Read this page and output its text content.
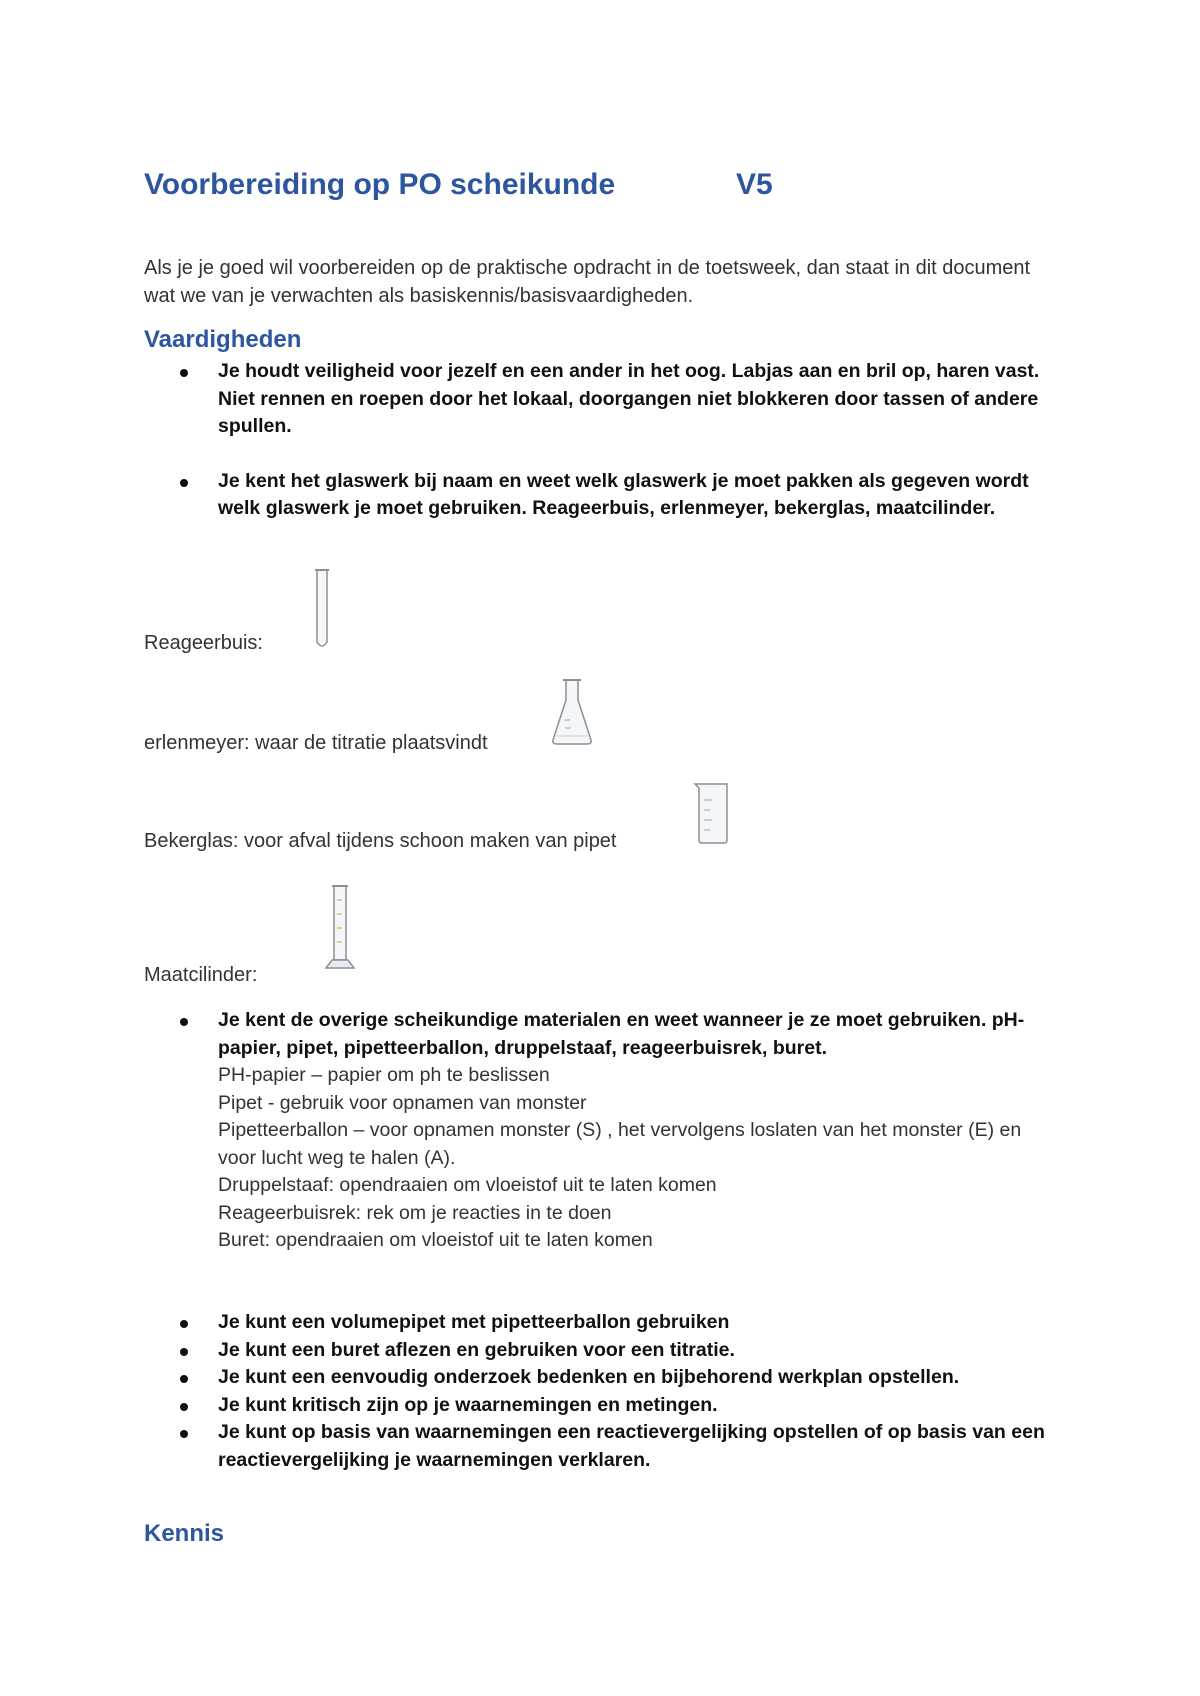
Voorbereiding op PO scheikunde	V5

Als je je goed wil voorbereiden op de praktische opdracht in de toetsweek, dan staat in dit document wat we van je verwachten als basiskennis/basisvaardigheden.

Vaardigheden
Je houdt veiligheid voor jezelf en een ander in het oog. Labjas aan en bril op, haren vast. Niet rennen en roepen door het lokaal, doorgangen niet blokkeren door tassen of andere spullen.
Je kent het glaswerk bij naam en weet welk glaswerk je moet pakken als gegeven wordt welk glaswerk je moet gebruiken. Reageerbuis, erlenmeyer, bekerglas, maatcilinder.
Reageerbuis:
erlenmeyer: waar de titratie plaatsvindt
Bekerglas: voor afval tijdens schoon maken van pipet
Maatcilinder:
Je kent de overige scheikundige materialen en weet wanneer je ze moet gebruiken. pH-papier, pipet, pipetteerballon, druppelstaaf, reageerbuisrek, buret.
PH-papier – papier om ph te beslissen
Pipet - gebruik voor opnamen van monster
Pipetteerballon – voor opnamen monster (S) , het vervolgens loslaten van het monster (E) en voor lucht weg te halen (A).
Druppelstaaf: opendraaien om vloeistof uit te laten komen
Reageerbuisrek: rek om je reacties in te doen
Buret: opendraaien om vloeistof uit te laten komen
Je kunt een volumepipet met pipetteerballon gebruiken
Je kunt een buret aflezen en gebruiken voor een titratie.
Je kunt een eenvoudig onderzoek bedenken en bijbehorend werkplan opstellen.
Je kunt kritisch zijn op je waarnemingen en metingen.
Je kunt op basis van waarnemingen een reactievergelijking opstellen of op basis van een reactievergelijking je waarnemingen verklaren.
Kennis
